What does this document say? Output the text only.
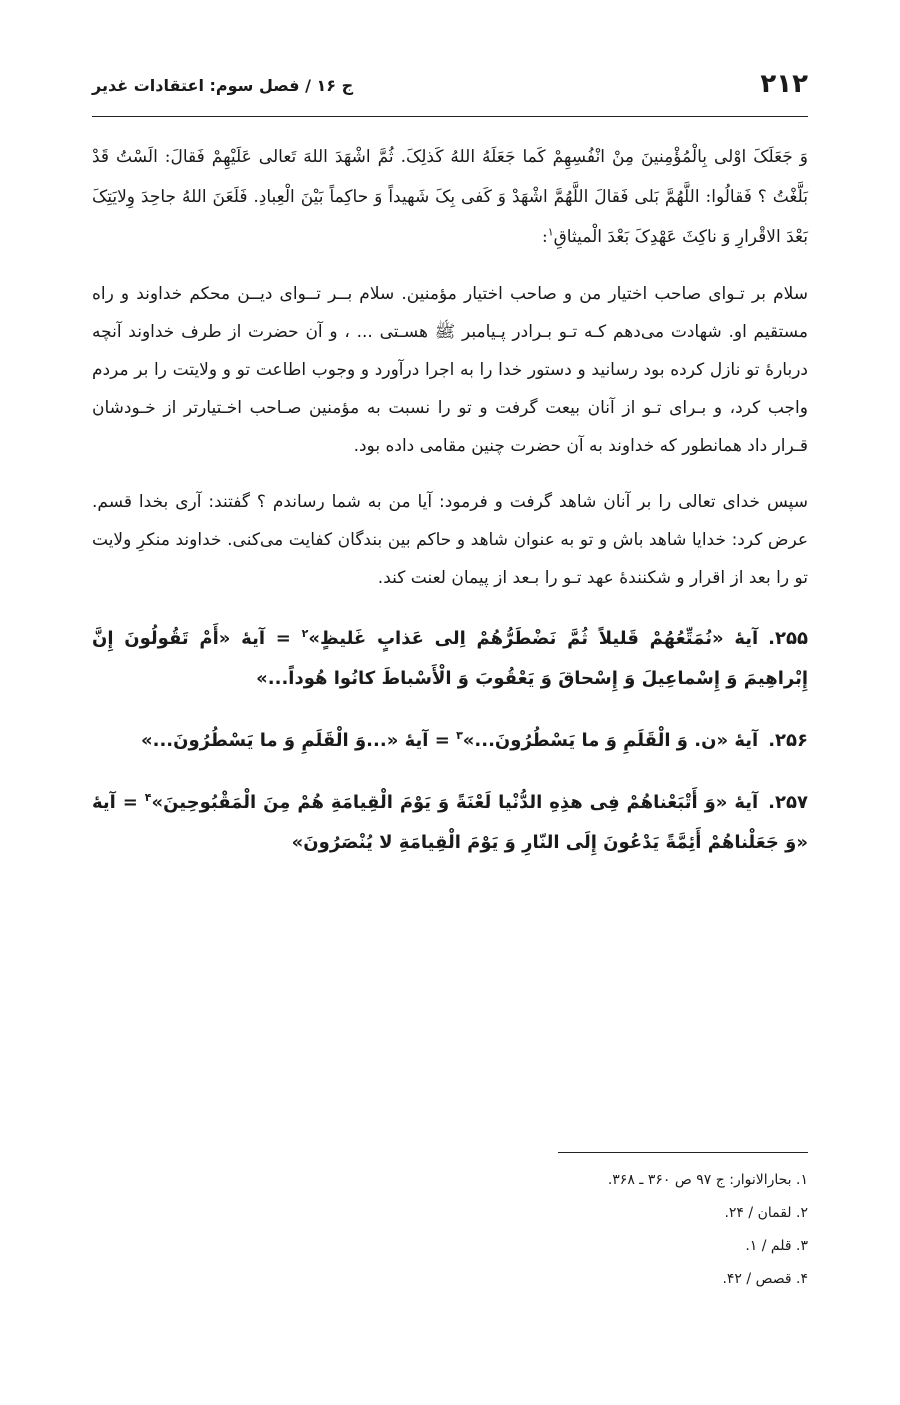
۲۱۲
ج ۱۶ / فصل سوم: اعتقادات غدیر

وَ جَعَلَکَ اوْلی بِالْمُؤْمِنینَ مِنْ انْفُسِهِمْ کَما جَعَلَهُ اللهُ کَذلِکَ. ثُمَّ اشْهَدَ اللهَ تَعالی عَلَیْهِمْ فَقالَ: الَسْتُ قَدْ بَلَّغْتُ ؟ فَقالُوا: اللَّهُمَّ بَلی فَقالَ اللَّهُمَّ اشْهَدْ وَ کَفی بِکَ شَهیداً وَ حاکِماً بَیْنَ الْعِبادِ. فَلَعَنَ اللهُ جاحِدَ وِلایَتِکَ بَعْدَ الاقْرارِ وَ ناکِثَ عَهْدِکَ بَعْدَ الْمیثاقِ$^۱$:

سلام بر تـوای صاحب اختیار من و صاحب اختیار مؤمنین. سلام بــر تــوای دیــن محکم خداوند و راه مستقیم او. شهادت می‌دهم کـه تـو بـرادر پـیامبر ﷺ هسـتی ... ، و آن حضرت از طرف خداوند آنچه دربارهٔ تو نازل کرده بود رسانید و دستور خدا را به اجرا درآورد و وجوب اطاعت تو و ولایتت را بر مردم واجب کرد، و بـرای تـو از آنان بیعت گرفت و تو را نسبت به مؤمنین صـاحب اخـتیارتر از خـودشان قـرار داد همانطور که خداوند به آن حضرت چنین مقامی داده بود.

سپس خدای تعالی را بر آنان شاهد گرفت و فرمود: آیا من به شما رساندم ؟ گفتند: آری بخدا قسم. عرض کرد: خدایا شاهد باش و تو به عنوان شاهد و حاکم بین بندگان کفایت می‌کنی. خداوند منکرِ ولایت تو را بعد از اقرار و شکنندهٔ عهد تـو را بـعد از پیمان لعنت کند.

۲۵۵.آیهٔ «نُمَتِّعُهُمْ قَلیلاً ثُمَّ نَضْطَرُّهُمْ اِلی عَذابٍ غَلیظٍ»$^۲$ = آیهٔ «أَمْ تَقُولُونَ إِنَّ إِبْراهِیمَ وَ إِسْماعِیلَ وَ إِسْحاقَ وَ یَعْقُوبَ وَ الْأَسْباطَ کانُوا هُوداً...»

۲۵۶.آیهٔ «ن. وَ الْقَلَمِ وَ ما یَسْطُرُونَ...»$^۳$ = آیهٔ «...وَ الْقَلَمِ وَ ما یَسْطُرُونَ...»

۲۵۷.آیهٔ «وَ أَتْبَعْناهُمْ فِی هذِهِ الدُّنْیا لَعْنَةً وَ یَوْمَ الْقِیامَةِ هُمْ مِنَ الْمَقْبُوحِینَ»$^۴$ = آیهٔ «وَ جَعَلْناهُمْ أَئِمَّةً یَدْعُونَ إِلَی النّارِ وَ یَوْمَ الْقِیامَةِ لا یُنْصَرُونَ»

۱. بحارالانوار: ج ۹۷ ص ۳۶۰ ـ ۳۶۸.
۲. لقمان / ۲۴.
۳. قلم / ۱.
۴. قصص / ۴۲.
